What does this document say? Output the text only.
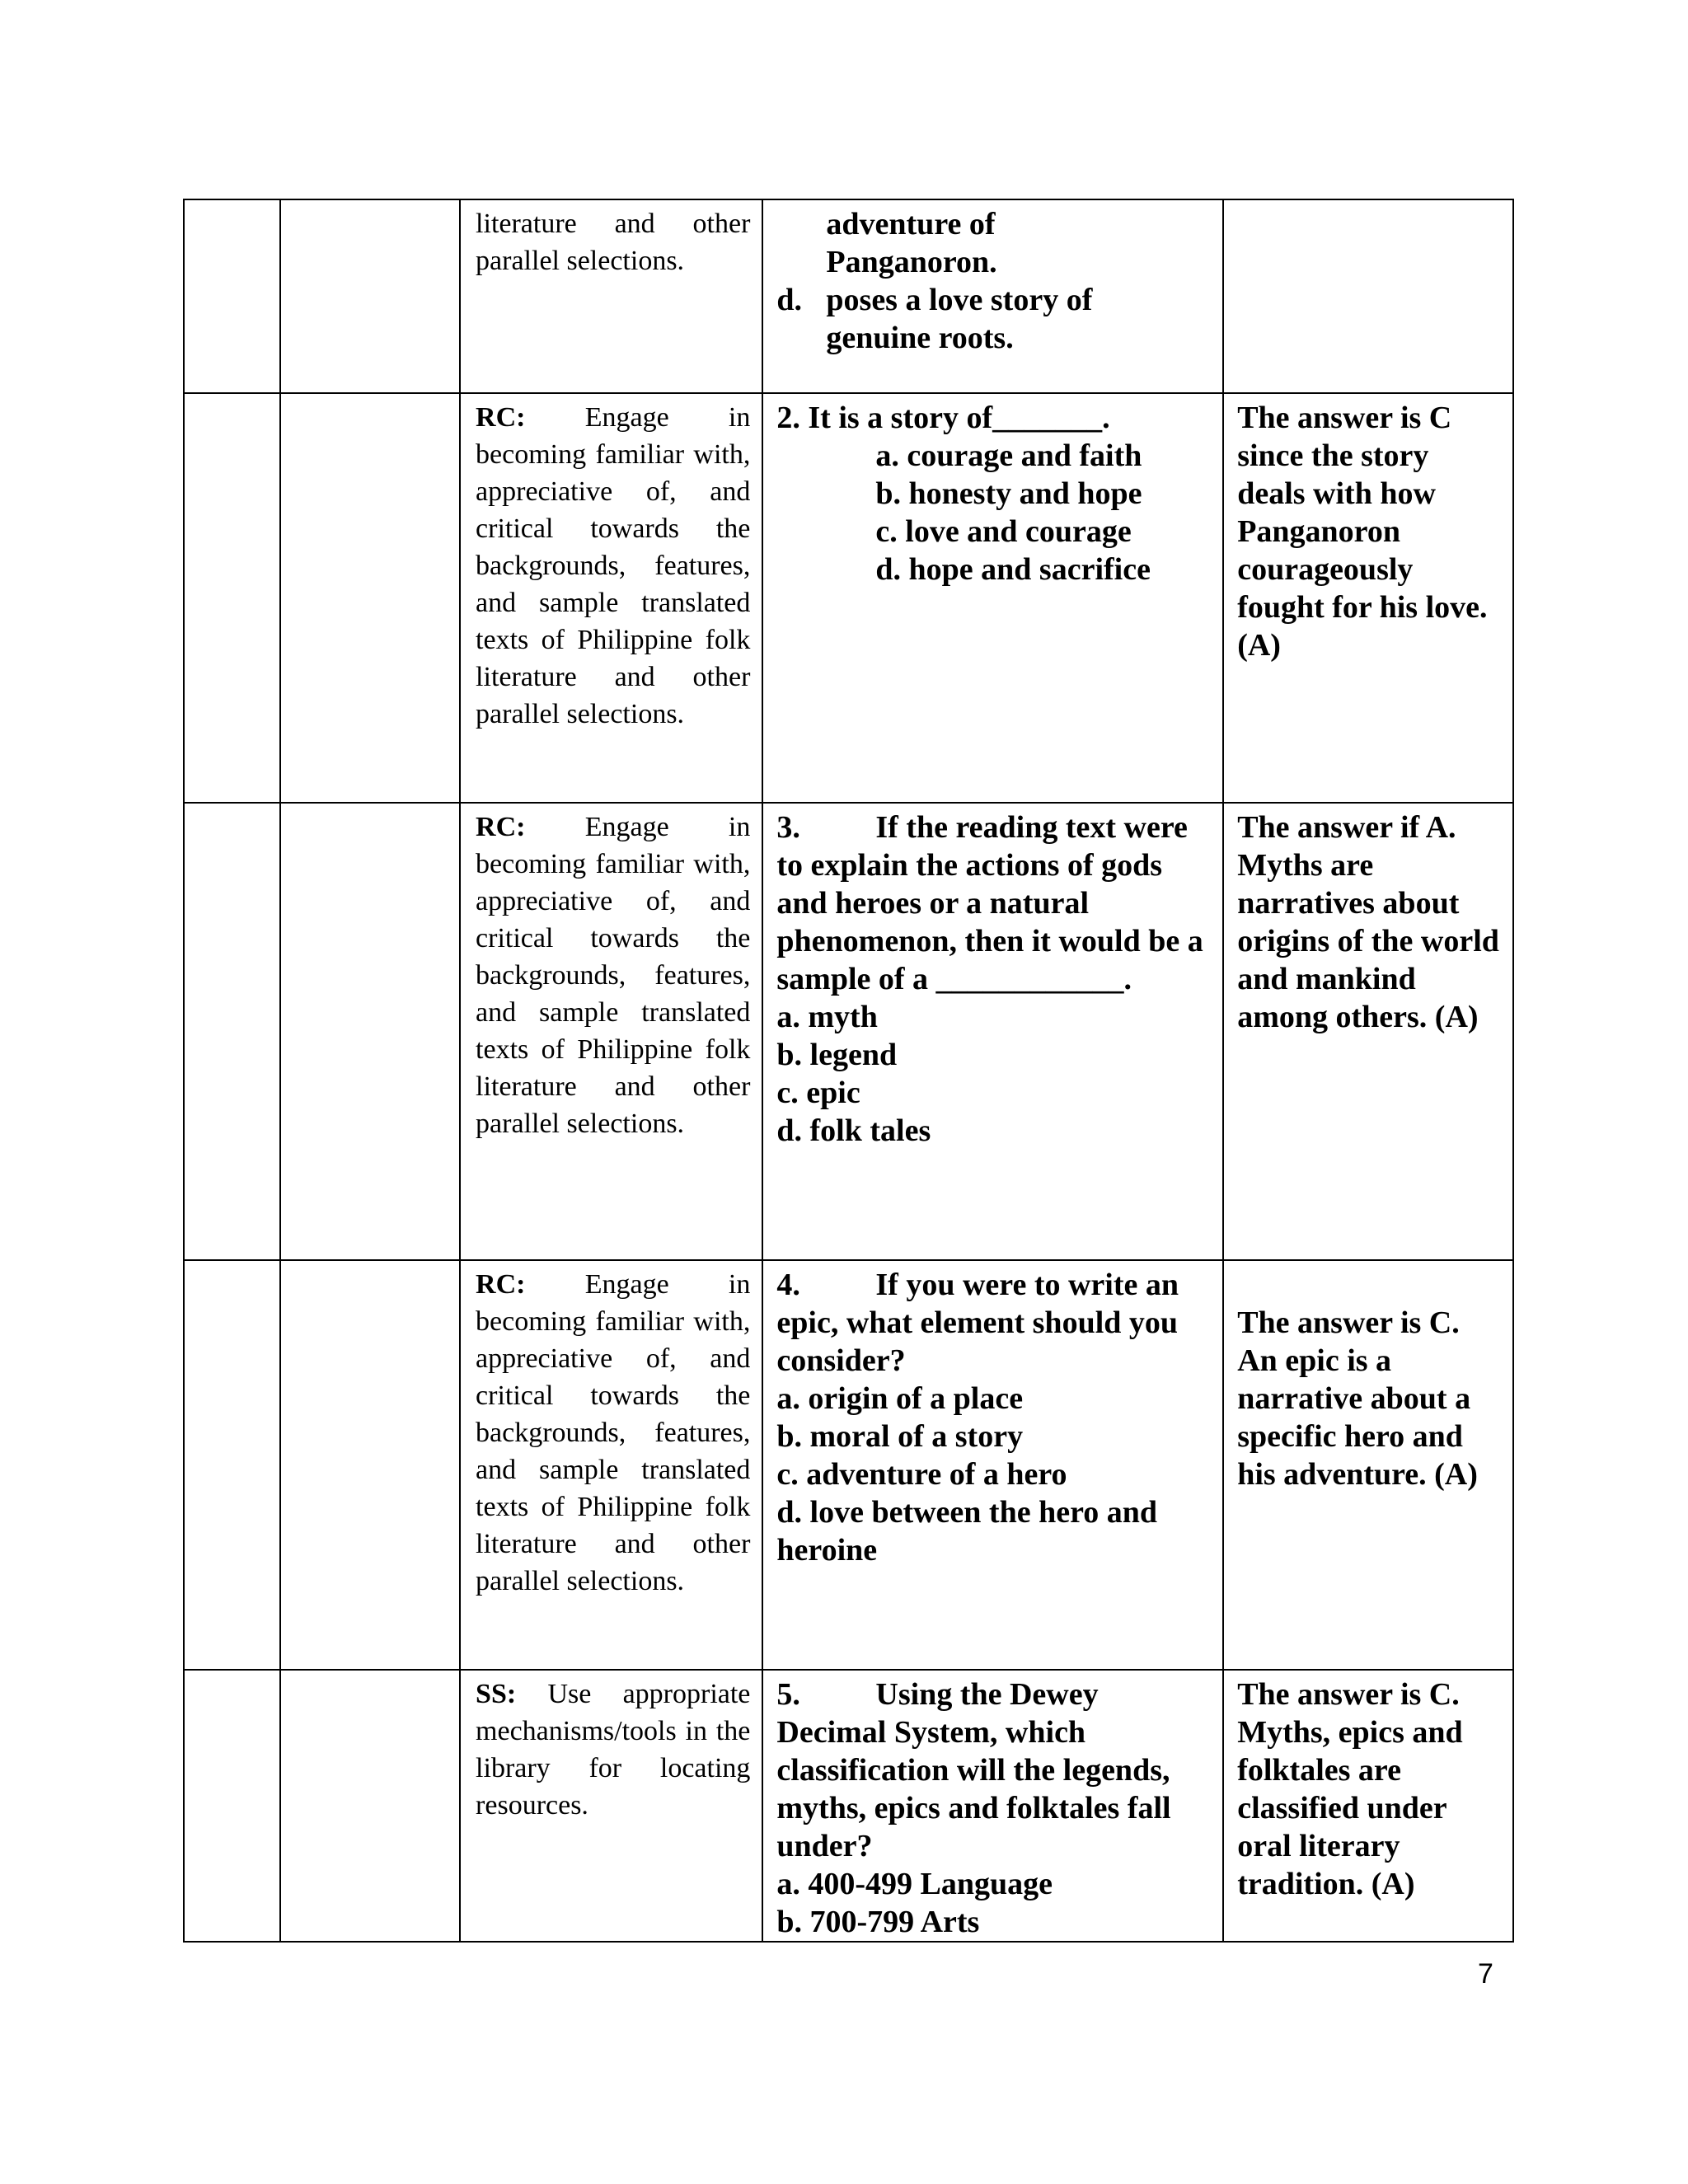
		literature and other parallel selections.	adventure of
Panganoron.
d. poses a love story of
genuine roots.	

		RC: Engage in becoming familiar with, appreciative of, and critical towards the backgrounds, features, and sample translated texts of Philippine folk literature and other parallel selections.	2. It is a story of_______.
a. courage and faith
b. honesty and hope
c. love and courage
d. hope and sacrifice	The answer is C since the story deals with how Panganoron courageously fought for his love. (A)
		RC: Engage in becoming familiar with, appreciative of, and critical towards the backgrounds, features, and sample translated texts of Philippine folk literature and other parallel selections.	3. If the reading text were to explain the actions of gods and heroes or a natural phenomenon, then it would be a sample of a ____________.
a. myth
b. legend
c. epic
d. folk tales	The answer if A. Myths are narratives about origins of the world and mankind among others. (A)
		RC: Engage in becoming familiar with, appreciative of, and critical towards the backgrounds, features, and sample translated texts of Philippine folk literature and other parallel selections.	4. If you were to write an epic, what element should you consider?
a. origin of a place
b. moral of a story
c. adventure of a hero
d. love between the hero and heroine	The answer is C. An epic is a narrative about a specific hero and his adventure. (A)
		SS: Use appropriate mechanisms/tools in the library for locating resources.	5. Using the Dewey Decimal System, which classification will the legends, myths, epics and folktales fall under?
a. 400-499 Language
b. 700-799 Arts	The answer is C. Myths, epics and folktales are classified under oral literary tradition. (A)
7
